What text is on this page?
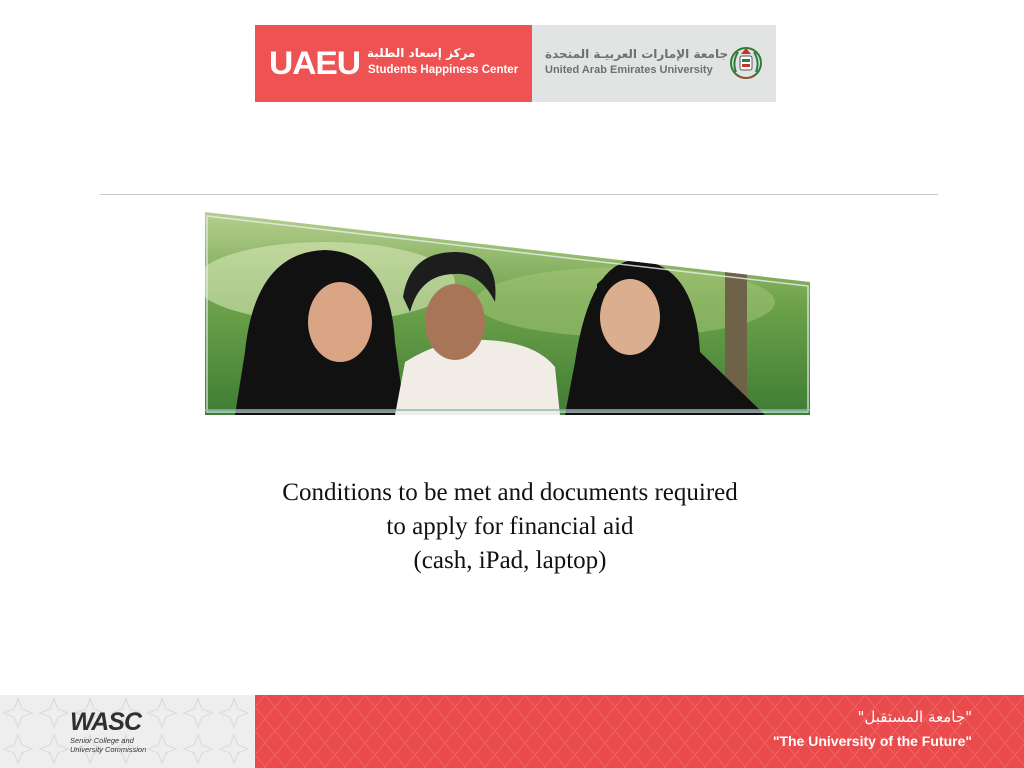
UAEU مركز إسعاد الطلبة
Students Happiness Center
جامعة الإمارات العربيـة المتحدة
United Arab Emirates University
Conditions to be met and documents required
to apply for financial aid
(cash, iPad, laptop)
WASC
Senior College and
University Commission
"جامعة المستقبل"
"The University of the Future"
